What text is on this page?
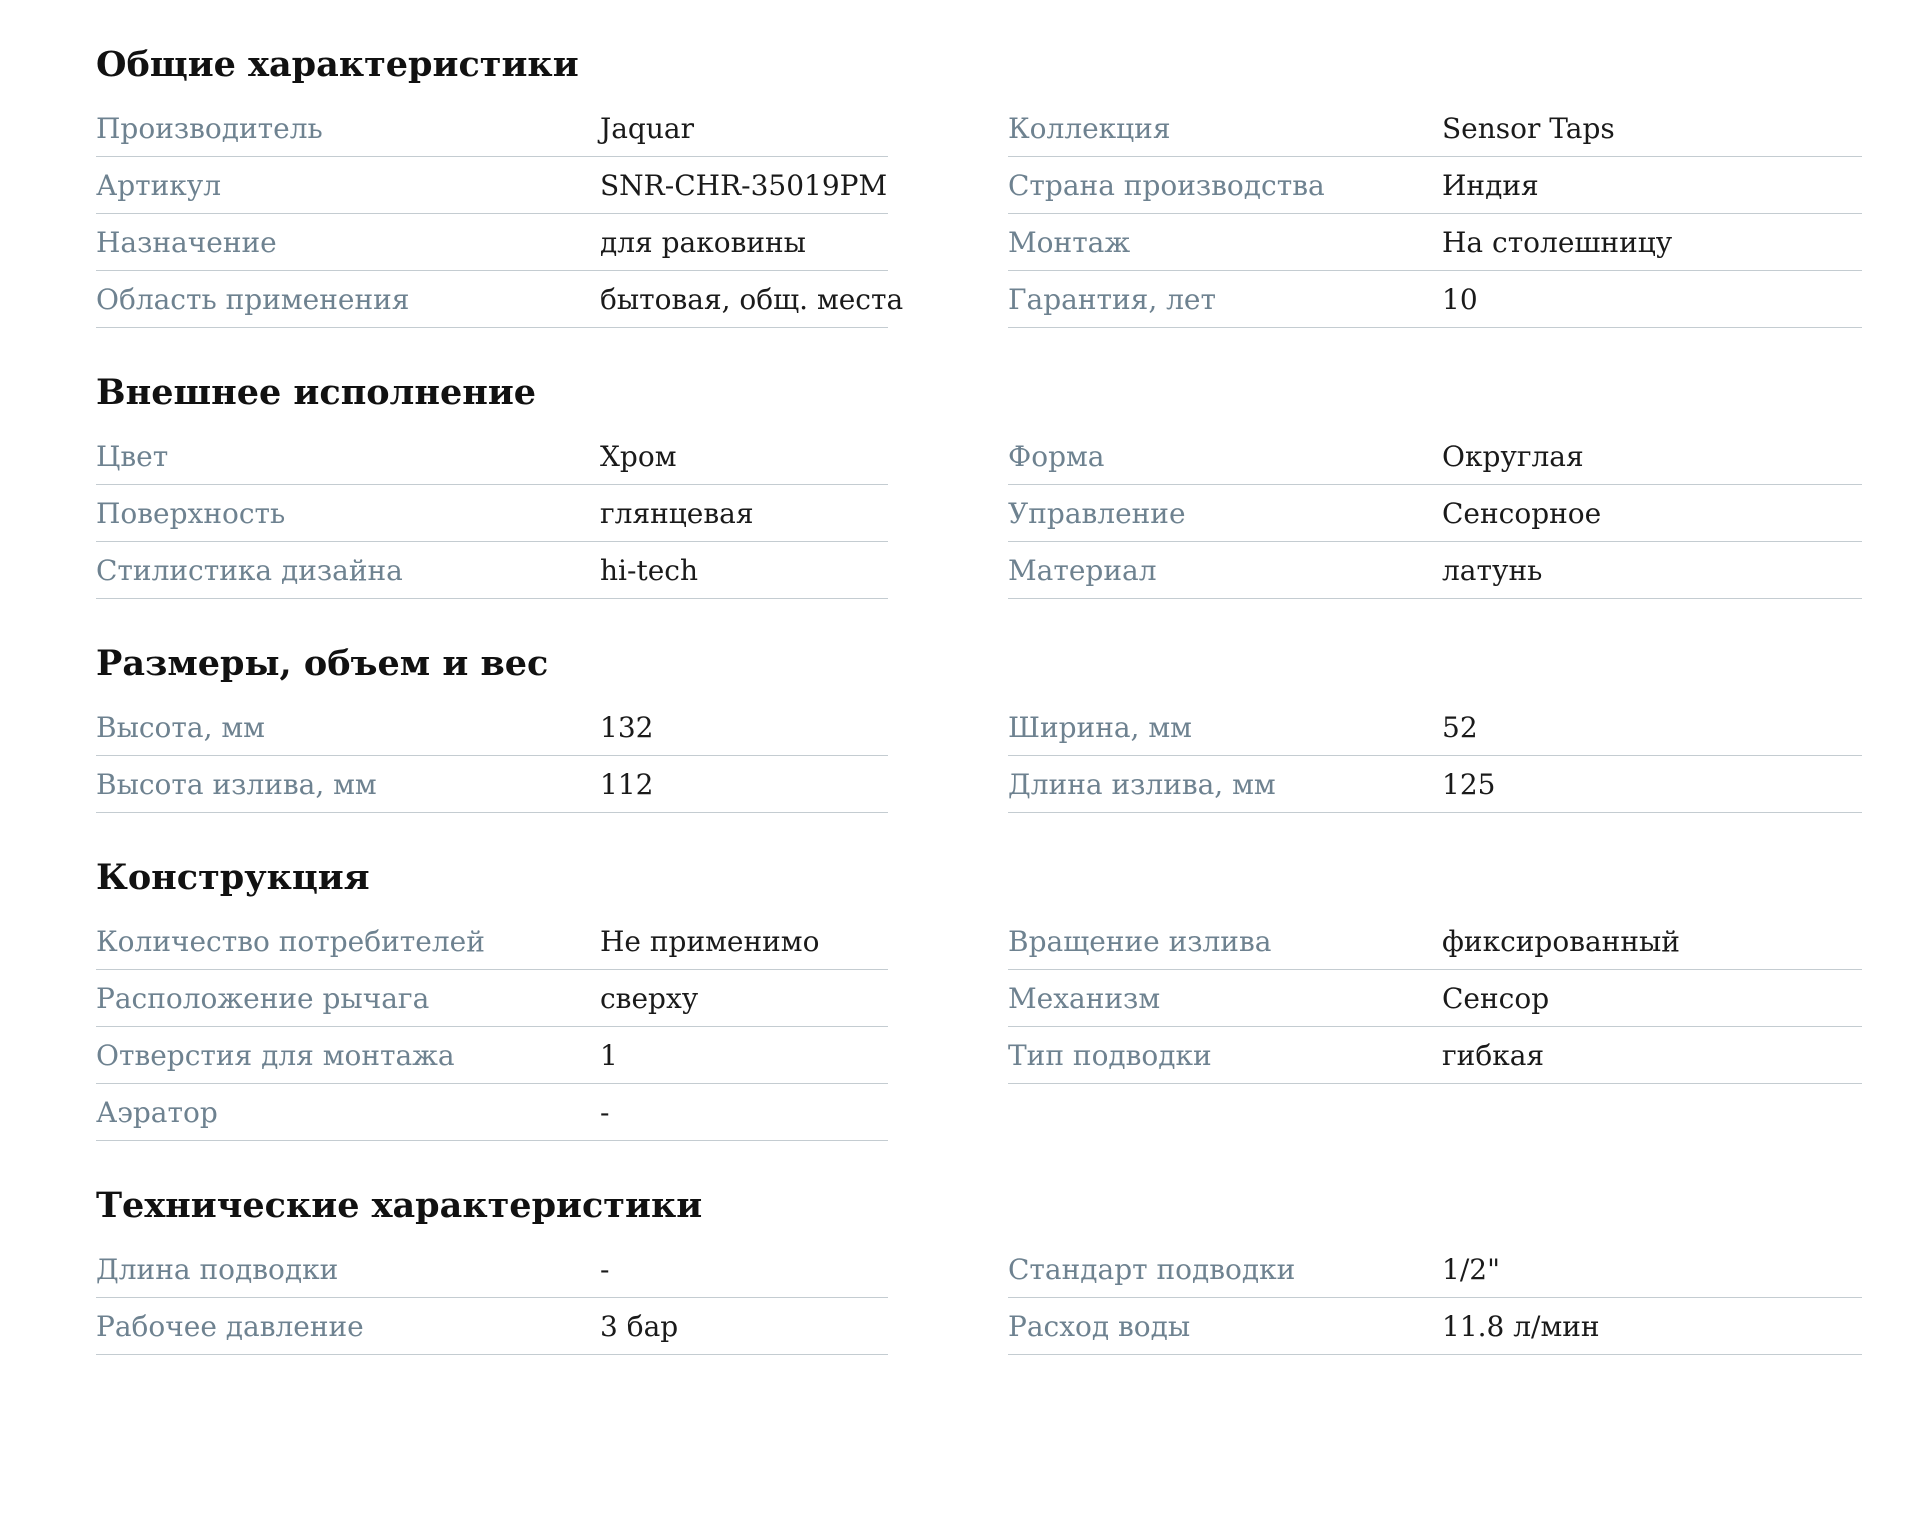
Общие характеристики
Производитель	Jaquar
Артикул	SNR-CHR-35019PM
Назначение	для раковины
Область применения	бытовая, общ. места
Коллекция	Sensor Taps
Страна производства	Индия
Монтаж	На столешницу
Гарантия, лет	10
Внешнее исполнение
Цвет	Хром
Поверхность	глянцевая
Стилистика дизайна	hi-tech
Форма	Округлая
Управление	Сенсорное
Материал	латунь
Размеры, объем и вес
Высота, мм	132
Высота излива, мм	112
Ширина, мм	52
Длина излива, мм	125
Конструкция
Количество потребителей	Не применимо
Расположение рычага	сверху
Отверстия для монтажа	1
Аэратор	-
Вращение излива	фиксированный
Механизм	Сенсор
Тип подводки	гибкая
Технические характеристики
Длина подводки	-
Рабочее давление	3 бар
Стандарт подводки	1/2"
Расход воды	11.8 л/мин
